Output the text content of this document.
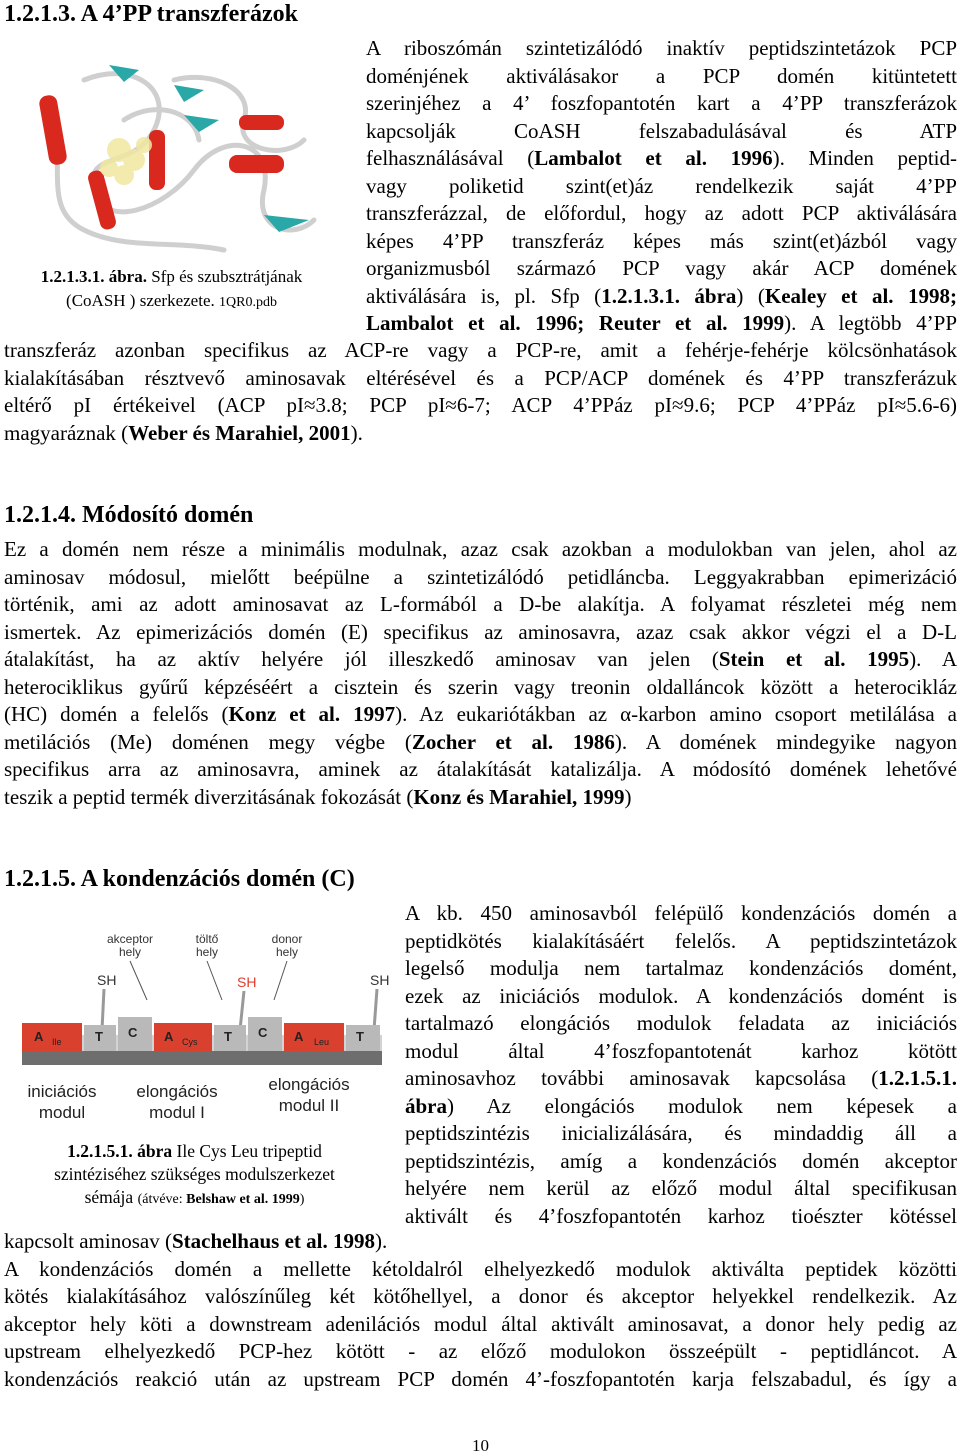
1.2.1.3. A 4’PP transzferázok
1.2.1.3.1. ábra. Sfp és szubsztrátjának
(CoASH ) szerkezete. 1QR0.pdb

A riboszómán szintetizálódó inaktív peptidszintetázok PCP

doménjének aktiválásakor a PCP domén kitüntetett

szerinjéhez a 4’ foszfopantotén kart a 4’PP transzferázok

kapcsolják CoASH felszabadulásával és ATP

felhasználásával (Lambalot et al. 1996). Minden peptid-

vagy poliketid szint(et)áz rendelkezik saját 4’PP

transzferázzal, de előfordul, hogy az adott PCP aktiválására

képes 4’PP transzferáz képes más szint(et)ázból vagy

organizmusból származó PCP vagy akár ACP domének

aktiválására is, pl. Sfp (1.2.1.3.1. ábra) (Kealey et al. 1998;

Lambalot et al. 1996; Reuter et al. 1999). A legtöbb 4’PP

transzferáz azonban specifikus az ACP-re vagy a PCP-re, amit a fehérje-fehérje kölcsönhatások

kialakításában résztvevő aminosavak eltérésével és a PCP/ACP domének és 4’PP transzferázuk

eltérő pI értékeivel (ACP pI≈3.8; PCP pI≈6-7; ACP 4’PPáz pI≈9.6; PCP 4’PPáz pI≈5.6-6)

magyaráznak (Weber és Marahiel, 2001).

1.2.1.4. Módosító domén

Ez a domén nem része a minimális modulnak, azaz csak azokban a modulokban van jelen, ahol az

aminosav módosul, mielőtt beépülne a szintetizálódó petidláncba. Leggyakrabban epimerizáció

történik, ami az adott aminosavat az L-formából a D-be alakítja. A folyamat részletei még nem

ismertek. Az epimerizációs domén (E) specifikus az aminosavra, azaz csak akkor végzi el a D-L

átalakítást, ha az aktív helyére jól illeszkedő aminosav van jelen (Stein et al. 1995). A

heterociklikus gyűrű képzéséért a cisztein és szerin vagy treonin oldalláncok között a heterocikláz

(HC) domén a felelős (Konz et al. 1997). Az eukariótákban az α-karbon amino csoport metilálása a

metilációs (Me) doménen megy végbe (Zocher et al. 1986). A domének mindegyike nagyon

specifikus arra az aminosavra, aminek az átalakítását katalizálja. A módosító domének lehetővé

teszik a peptid termék diverzitásának fokozását (Konz és Marahiel, 1999)

1.2.1.5. A kondenzációs domén (C)
akceptor
hely
töltő
hely
donor
hely
SH	SH	SH
A	T C A	T C A	T
Ile	Cys	Leu
iniciációs
modul
elongációs
modul I
elongációs
modul II
1.2.1.5.1. ábra Ile Cys Leu tripeptid
szintéziséhez szükséges modulszerkezet
sémája (átvéve: Belshaw et al. 1999)

A kb. 450 aminosavból felépülő kondenzációs domén a

peptidkötés kialakításáért felelős. A peptidszintetázok

legelső modulja nem tartalmaz kondenzációs domént,

ezek az iniciációs modulok. A kondenzációs domént is

tartalmazó elongációs modulok feladata az iniciációs

modul által 4’foszfopantotenát karhoz kötött

aminosavhoz további aminosavak kapcsolása (1.2.1.5.1.

ábra) Az elongációs modulok nem képesek a

peptidszintézis inicializálására, és mindaddig áll a

peptidszintézis, amíg a kondenzációs domén akceptor

helyére nem kerül az előző modul által specifikusan

aktivált és 4’foszfopantotén karhoz tioészter kötéssel

kapcsolt aminosav (Stachelhaus et al. 1998).

A kondenzációs domén a mellette kétoldalról elhelyezkedő modulok aktiválta peptidek közötti

kötés kialakításához valószínűleg két kötőhellyel, a donor és akceptor helyekkel rendelkezik. Az

akceptor hely köti a downstream adenilációs modul által aktivált aminosavat, a donor hely pedig az

upstream elhelyezkedő PCP-hez kötött - az előző modulokon összeépült - peptidláncot. A

kondenzációs reakció után az upstream PCP domén 4’-foszfopantotén karja felszabadul, és így a

10
